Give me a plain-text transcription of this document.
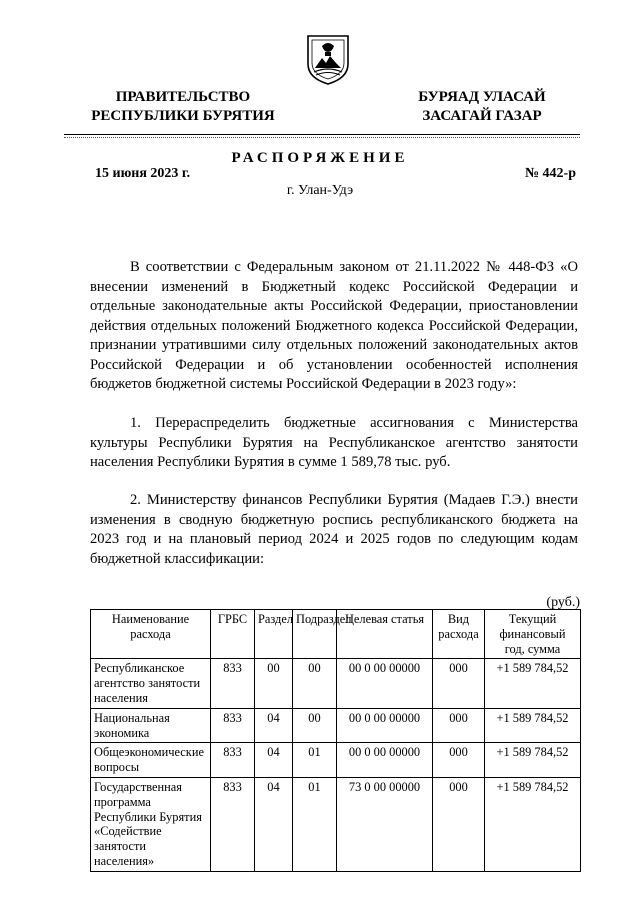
ПРАВИТЕЛЬСТВО
РЕСПУБЛИКИ БУРЯТИЯ
БУРЯАД УЛАСАЙ
ЗАСАГАЙ ГАЗАР
РАСПОРЯЖЕНИЕ
15 июня 2023 г.	№ 442-р
г. Улан-Удэ

В соответствии с Федеральным законом от 21.11.2022 № 448-ФЗ «О внесении изменений в Бюджетный кодекс Российской Федерации и отдельные законодательные акты Российской Федерации, приостановлении действия отдельных положений Бюджетного кодекса Российской Федерации, признании утратившими силу отдельных положений законодательных актов Российской Федерации и об установлении особенностей исполнения бюджетов бюджетной системы Российской Федерации в 2023 году»:

1. Перераспределить бюджетные ассигнования с Министерства культуры Республики Бурятия на Республиканское агентство занятости населения Республики Бурятия в сумме 1 589,78 тыс. руб.

2. Министерству финансов Республики Бурятия (Мадаев Г.Э.) внести изменения в сводную бюджетную роспись республиканского бюджета на 2023 год и на плановый период 2024 и 2025 годов по следующим кодам бюджетной классификации:

(руб.)
Наименование расхода	ГРБС	Раздел	Подраздел	Целевая статья	Вид расхода	Текущий финансовый год, сумма
Республиканское агентство занятости населения	833	00	00	00 0 00 00000	000	+1 589 784,52
Национальная экономика	833	04	00	00 0 00 00000	000	+1 589 784,52
Общеэкономические вопросы	833	04	01	00 0 00 00000	000	+1 589 784,52
Государственная программа Республики Бурятия «Содействие занятости населения»	833	04	01	73 0 00 00000	000	+1 589 784,52
